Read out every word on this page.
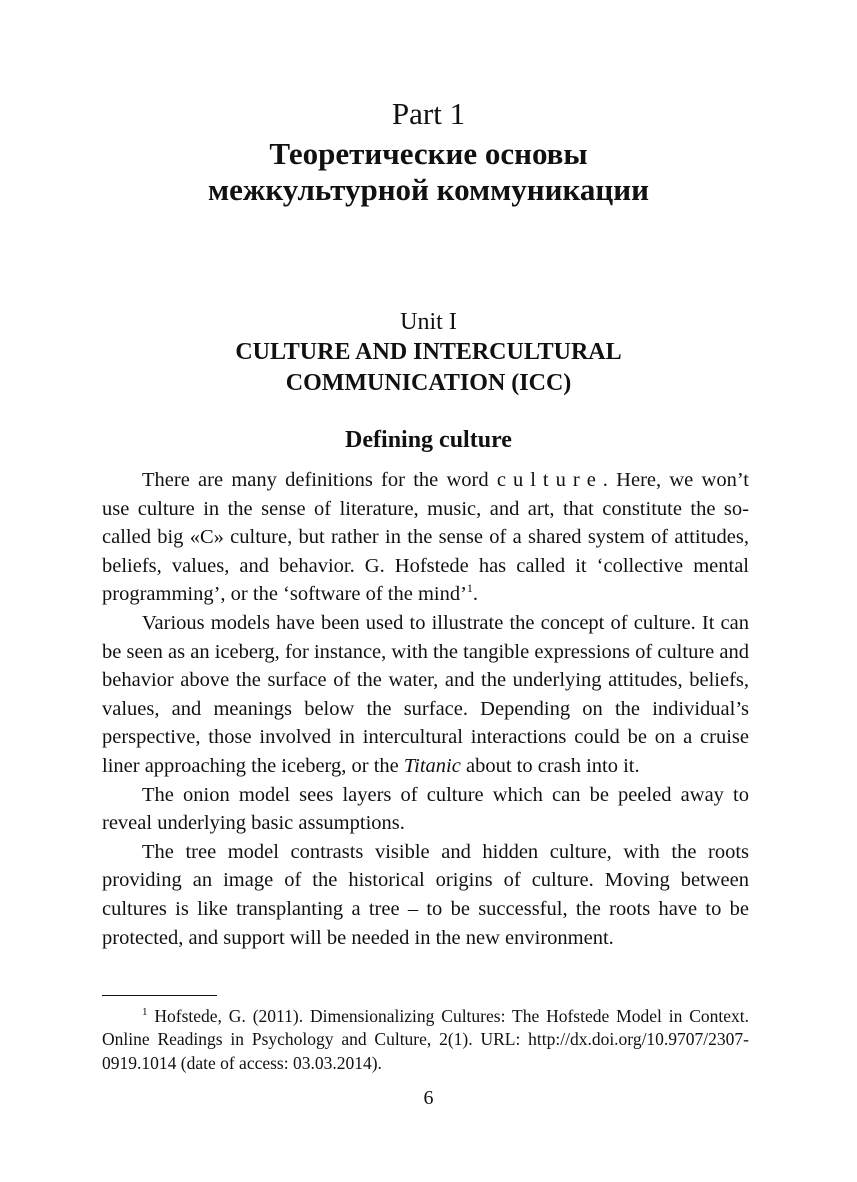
Part 1
Теоретические основы
межкультурной коммуникации
Unit I
CULTURE AND INTERCULTURAL
COMMUNICATION (ICC)
Defining culture

There are many definitions for the word culture. Here, we won’t use culture in the sense of literature, music, and art, that constitute the so-called big «C» culture, but rather in the sense of a shared system of attitudes, beliefs, values, and behavior. G. Hofstede has called it ‘collective mental programming’, or the ‘software of the mind’$^1$.

Various models have been used to illustrate the concept of culture. It can be seen as an iceberg, for instance, with the tangible expressions of culture and behavior above the surface of the water, and the underlying attitudes, beliefs, values, and meanings below the surface. Depending on the individual’s perspective, those involved in intercultural interactions could be on a cruise liner approaching the iceberg, or the Titanic about to crash into it.

The onion model sees layers of culture which can be peeled away to reveal underlying basic assumptions.

The tree model contrasts visible and hidden culture, with the roots providing an image of the historical origins of culture. Moving between cultures is like transplanting a tree – to be successful, the roots have to be protected, and support will be needed in the new environment.

$^1$ Hofstede, G. (2011). Dimensionalizing Cultures: The Hofstede Model in Context. Online Readings in Psychology and Culture, 2(1). URL: http://dx.doi.org/10.9707/2307-0919.1014 (date of access: 03.03.2014).
6
